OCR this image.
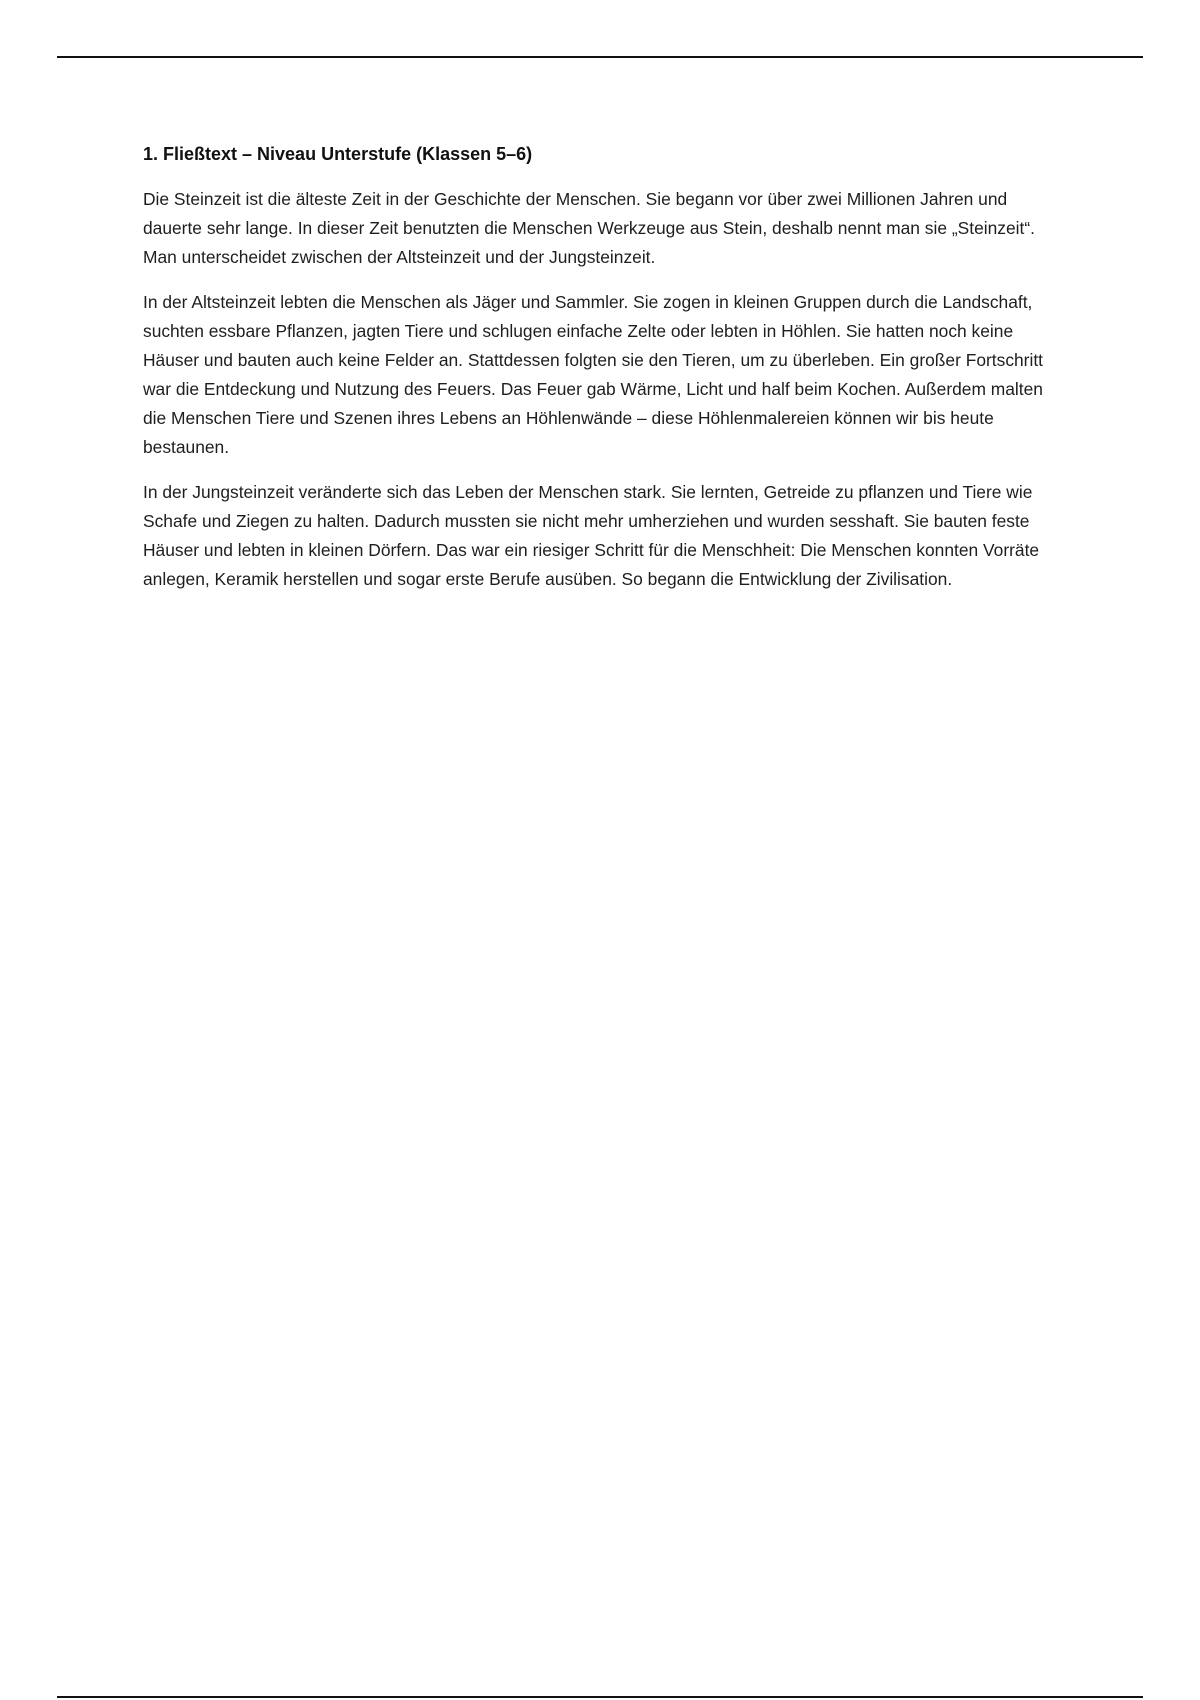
1. Fließtext – Niveau Unterstufe (Klassen 5–6)

Die Steinzeit ist die älteste Zeit in der Geschichte der Menschen. Sie begann vor über zwei Millionen Jahren und dauerte sehr lange. In dieser Zeit benutzten die Menschen Werkzeuge aus Stein, deshalb nennt man sie „Steinzeit“. Man unterscheidet zwischen der Altsteinzeit und der Jungsteinzeit.

In der Altsteinzeit lebten die Menschen als Jäger und Sammler. Sie zogen in kleinen Gruppen durch die Landschaft, suchten essbare Pflanzen, jagten Tiere und schlugen einfache Zelte oder lebten in Höhlen. Sie hatten noch keine Häuser und bauten auch keine Felder an. Stattdessen folgten sie den Tieren, um zu überleben. Ein großer Fortschritt war die Entdeckung und Nutzung des Feuers. Das Feuer gab Wärme, Licht und half beim Kochen. Außerdem malten die Menschen Tiere und Szenen ihres Lebens an Höhlenwände – diese Höhlenmalereien können wir bis heute bestaunen.

In der Jungsteinzeit veränderte sich das Leben der Menschen stark. Sie lernten, Getreide zu pflanzen und Tiere wie Schafe und Ziegen zu halten. Dadurch mussten sie nicht mehr umherziehen und wurden sesshaft. Sie bauten feste Häuser und lebten in kleinen Dörfern. Das war ein riesiger Schritt für die Menschheit: Die Menschen konnten Vorräte anlegen, Keramik herstellen und sogar erste Berufe ausüben. So begann die Entwicklung der Zivilisation.
